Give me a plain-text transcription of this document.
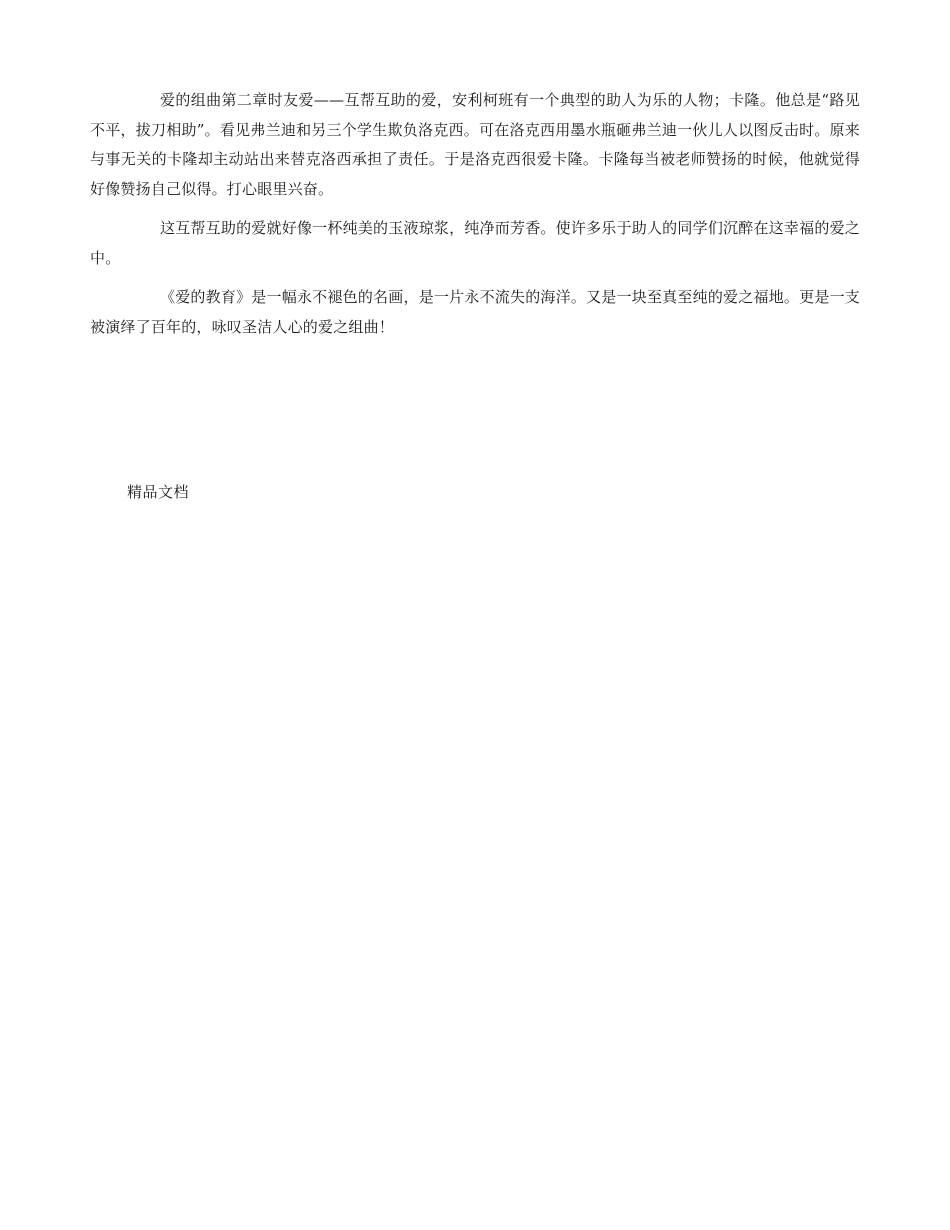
爱的组曲第二章时友爱——互帮互助的爱，安利柯班有一个典型的助人为乐的人物；卡隆。他总是“路见不平，拔刀相助”。看见弗兰迪和另三个学生欺负洛克西。可在洛克西用墨水瓶砸弗兰迪一伙儿人以图反击时。原来与事无关的卡隆却主动站出来替克洛西承担了责任。于是洛克西很爱卡隆。卡隆每当被老师赞扬的时候，他就觉得好像赞扬自己似得。打心眼里兴奋。

这互帮互助的爱就好像一杯纯美的玉液琼浆，纯净而芳香。使许多乐于助人的同学们沉醉在这幸福的爱之中。

《爱的教育》是一幅永不褪色的名画，是一片永不流失的海洋。又是一块至真至纯的爱之福地。更是一支被演绎了百年的，咏叹圣洁人心的爱之组曲！

精品文档
